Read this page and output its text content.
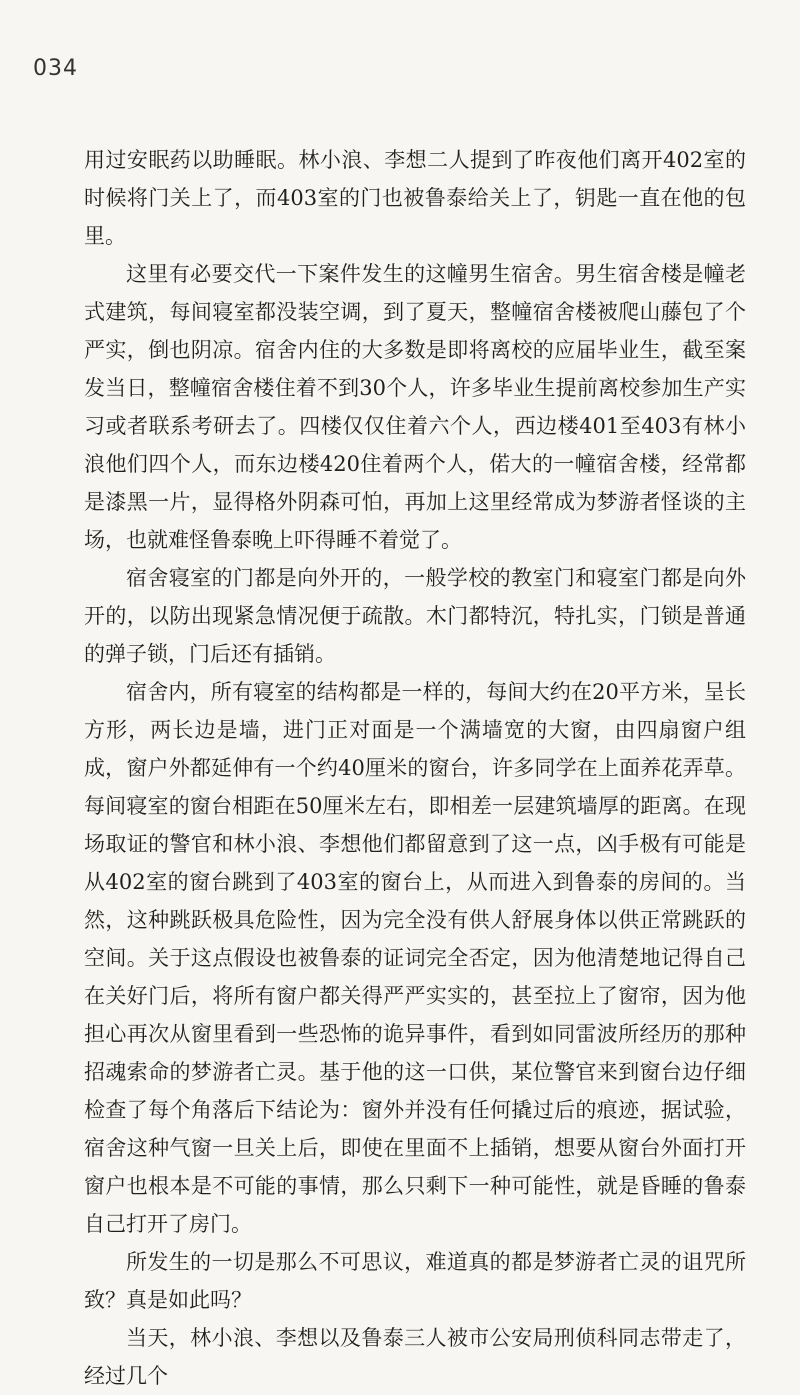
034

用过安眠药以助睡眠。林小浪、李想二人提到了昨夜他们离开402室的时候将门关上了，而403室的门也被鲁泰给关上了，钥匙一直在他的包里。

这里有必要交代一下案件发生的这幢男生宿舍。男生宿舍楼是幢老式建筑，每间寝室都没装空调，到了夏天，整幢宿舍楼被爬山藤包了个严实，倒也阴凉。宿舍内住的大多数是即将离校的应届毕业生，截至案发当日，整幢宿舍楼住着不到30个人，许多毕业生提前离校参加生产实习或者联系考研去了。四楼仅仅住着六个人，西边楼401至403有林小浪他们四个人，而东边楼420住着两个人，偌大的一幢宿舍楼，经常都是漆黑一片，显得格外阴森可怕，再加上这里经常成为梦游者怪谈的主场，也就难怪鲁泰晚上吓得睡不着觉了。

宿舍寝室的门都是向外开的，一般学校的教室门和寝室门都是向外开的，以防出现紧急情况便于疏散。木门都特沉，特扎实，门锁是普通的弹子锁，门后还有插销。

宿舍内，所有寝室的结构都是一样的，每间大约在20平方米，呈长方形，两长边是墙，进门正对面是一个满墙宽的大窗，由四扇窗户组成，窗户外都延伸有一个约40厘米的窗台，许多同学在上面养花弄草。每间寝室的窗台相距在50厘米左右，即相差一层建筑墙厚的距离。在现场取证的警官和林小浪、李想他们都留意到了这一点，凶手极有可能是从402室的窗台跳到了403室的窗台上，从而进入到鲁泰的房间的。当然，这种跳跃极具危险性，因为完全没有供人舒展身体以供正常跳跃的空间。关于这点假设也被鲁泰的证词完全否定，因为他清楚地记得自己在关好门后，将所有窗户都关得严严实实的，甚至拉上了窗帘，因为他担心再次从窗里看到一些恐怖的诡异事件，看到如同雷波所经历的那种招魂索命的梦游者亡灵。基于他的这一口供，某位警官来到窗台边仔细检查了每个角落后下结论为：窗外并没有任何撬过后的痕迹，据试验，宿舍这种气窗一旦关上后，即使在里面不上插销，想要从窗台外面打开窗户也根本是不可能的事情，那么只剩下一种可能性，就是昏睡的鲁泰自己打开了房门。

所发生的一切是那么不可思议，难道真的都是梦游者亡灵的诅咒所致？真是如此吗？

当天，林小浪、李想以及鲁泰三人被市公安局刑侦科同志带走了，经过几个
